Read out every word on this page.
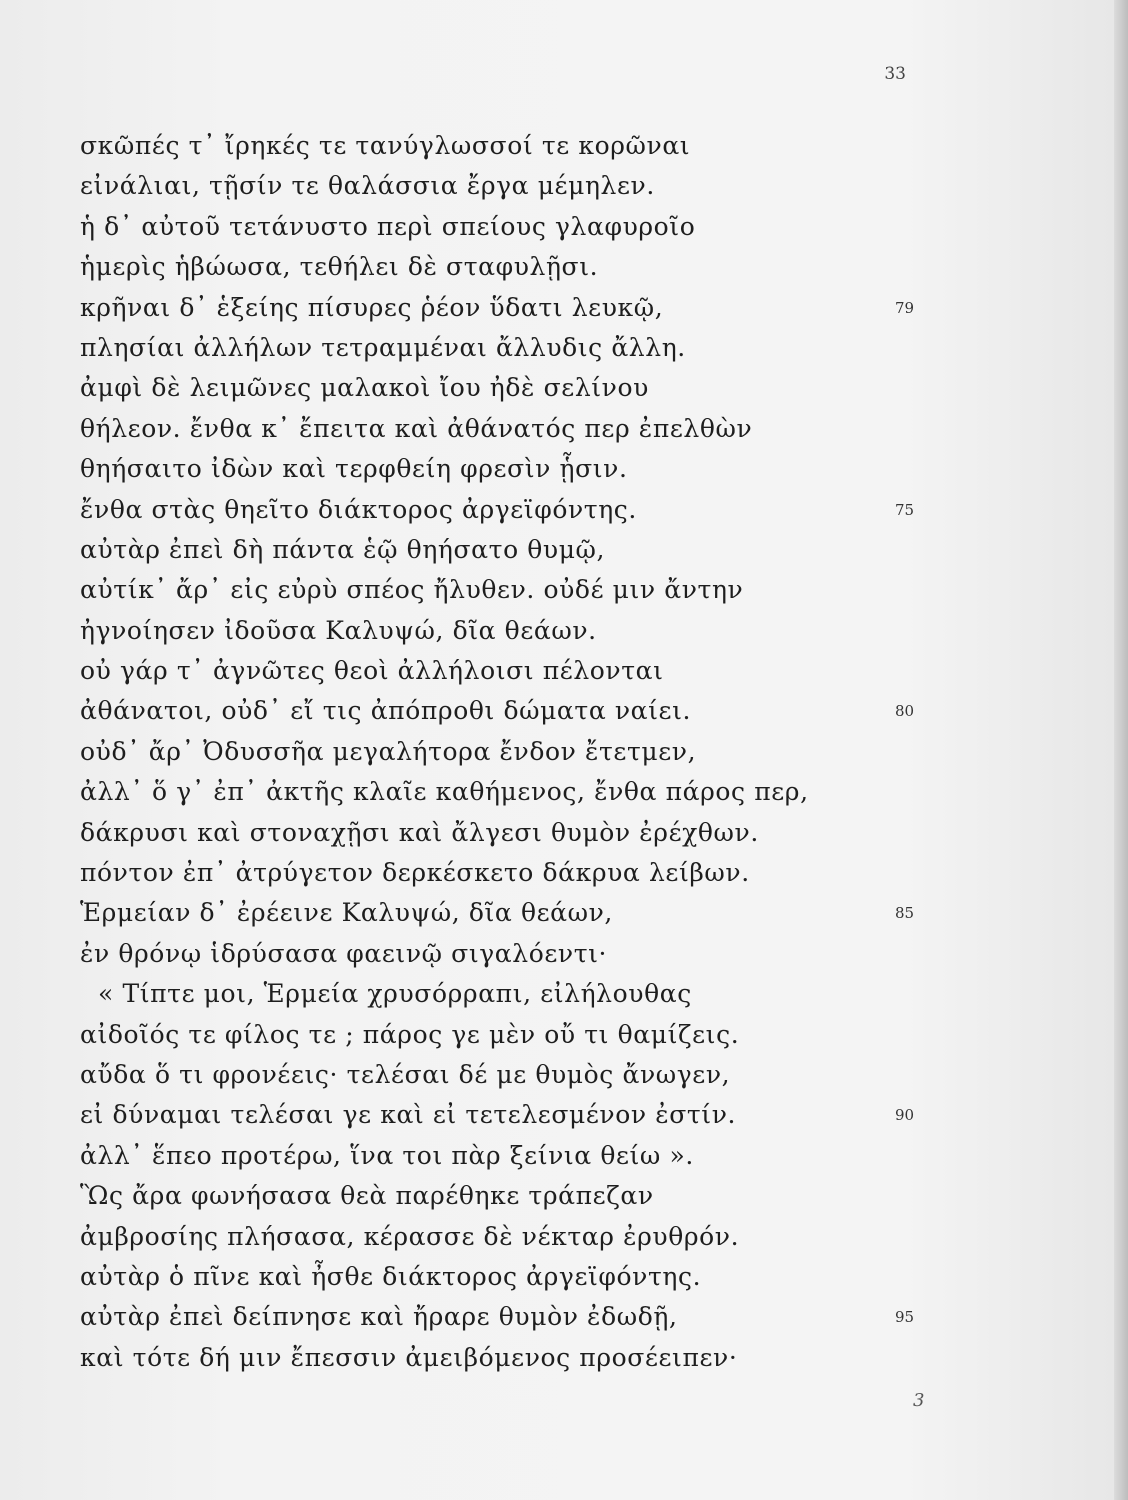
33
σκῶπές τ᾽ ἴρηκές τε τανύγλωσσοί τε κορῶναι
εἰνάλιαι, τῇσίν τε θαλάσσια ἔργα μέμηλεν.
ἡ δ᾽ αὐτοῦ τετάνυστο περὶ σπείους γλαφυροῖο
ἡμερὶς ἡβώωσα, τεθήλει δὲ σταφυλῇσι.
κρῆναι δ᾽ ἑξείης πίσυρες ῥέον ὕδατι λευκῷ,	79
πλησίαι ἀλλήλων τετραμμέναι ἄλλυδις ἄλλη.
ἀμφὶ δὲ λειμῶνες μαλακοὶ ἴου ἠδὲ σελίνου
θήλεον. ἔνθα κ᾽ ἔπειτα καὶ ἀθάνατός περ ἐπελθὼν
θηήσαιτο ἰδὼν καὶ τερφθείη φρεσὶν ᾗσιν.
ἔνθα στὰς θηεῖτο διάκτορος ἀργεϊφόντης.	75
αὐτὰρ ἐπεὶ δὴ πάντα ἑῷ θηήσατο θυμῷ,
αὐτίκ᾽ ἄρ᾽ εἰς εὐρὺ σπέος ἤλυθεν. οὐδέ μιν ἄντην
ἠγνοίησεν ἰδοῦσα Καλυψώ, δῖα θεάων.
οὐ γάρ τ᾽ ἀγνῶτες θεοὶ ἀλλήλοισι πέλονται
ἀθάνατοι, οὐδ᾽ εἴ τις ἀπόπροθι δώματα ναίει.	80
οὐδ᾽ ἄρ᾽ Ὀδυσσῆα μεγαλήτορα ἔνδον ἔτετμεν,
ἀλλ᾽ ὅ γ᾽ ἐπ᾽ ἀκτῆς κλαῖε καθήμενος, ἔνθα πάρος περ,
δάκρυσι καὶ στοναχῇσι καὶ ἄλγεσι θυμὸν ἐρέχθων.
πόντον ἐπ᾽ ἀτρύγετον δερκέσκετο δάκρυα λείβων.
Ἑρμείαν δ᾽ ἐρέεινε Καλυψώ, δῖα θεάων,	85
ἐν θρόνῳ ἱδρύσασα φαεινῷ σιγαλόεντι·
« Τίπτε μοι, Ἑρμεία χρυσόρραπι, εἰλήλουθας
αἰδοῖός τε φίλος τε ; πάρος γε μὲν οὔ τι θαμίζεις.
αὔδα ὅ τι φρονέεις· τελέσαι δέ με θυμὸς ἄνωγεν,
εἰ δύναμαι τελέσαι γε καὶ εἰ τετελεσμένον ἐστίν.	90
ἀλλ᾽ ἕπεο προτέρω, ἵνα τοι πὰρ ξείνια θείω ».
Ὣς ἄρα φωνήσασα θεὰ παρέθηκε τράπεζαν
ἀμβροσίης πλήσασα, κέρασσε δὲ νέκταρ ἐρυθρόν.
αὐτὰρ ὁ πῖνε καὶ ἦσθε διάκτορος ἀργεϊφόντης.
αὐτὰρ ἐπεὶ δείπνησε καὶ ἤραρε θυμὸν ἐδωδῇ,	95
καὶ τότε δή μιν ἔπεσσιν ἀμειβόμενος προσέειπεν·
3
